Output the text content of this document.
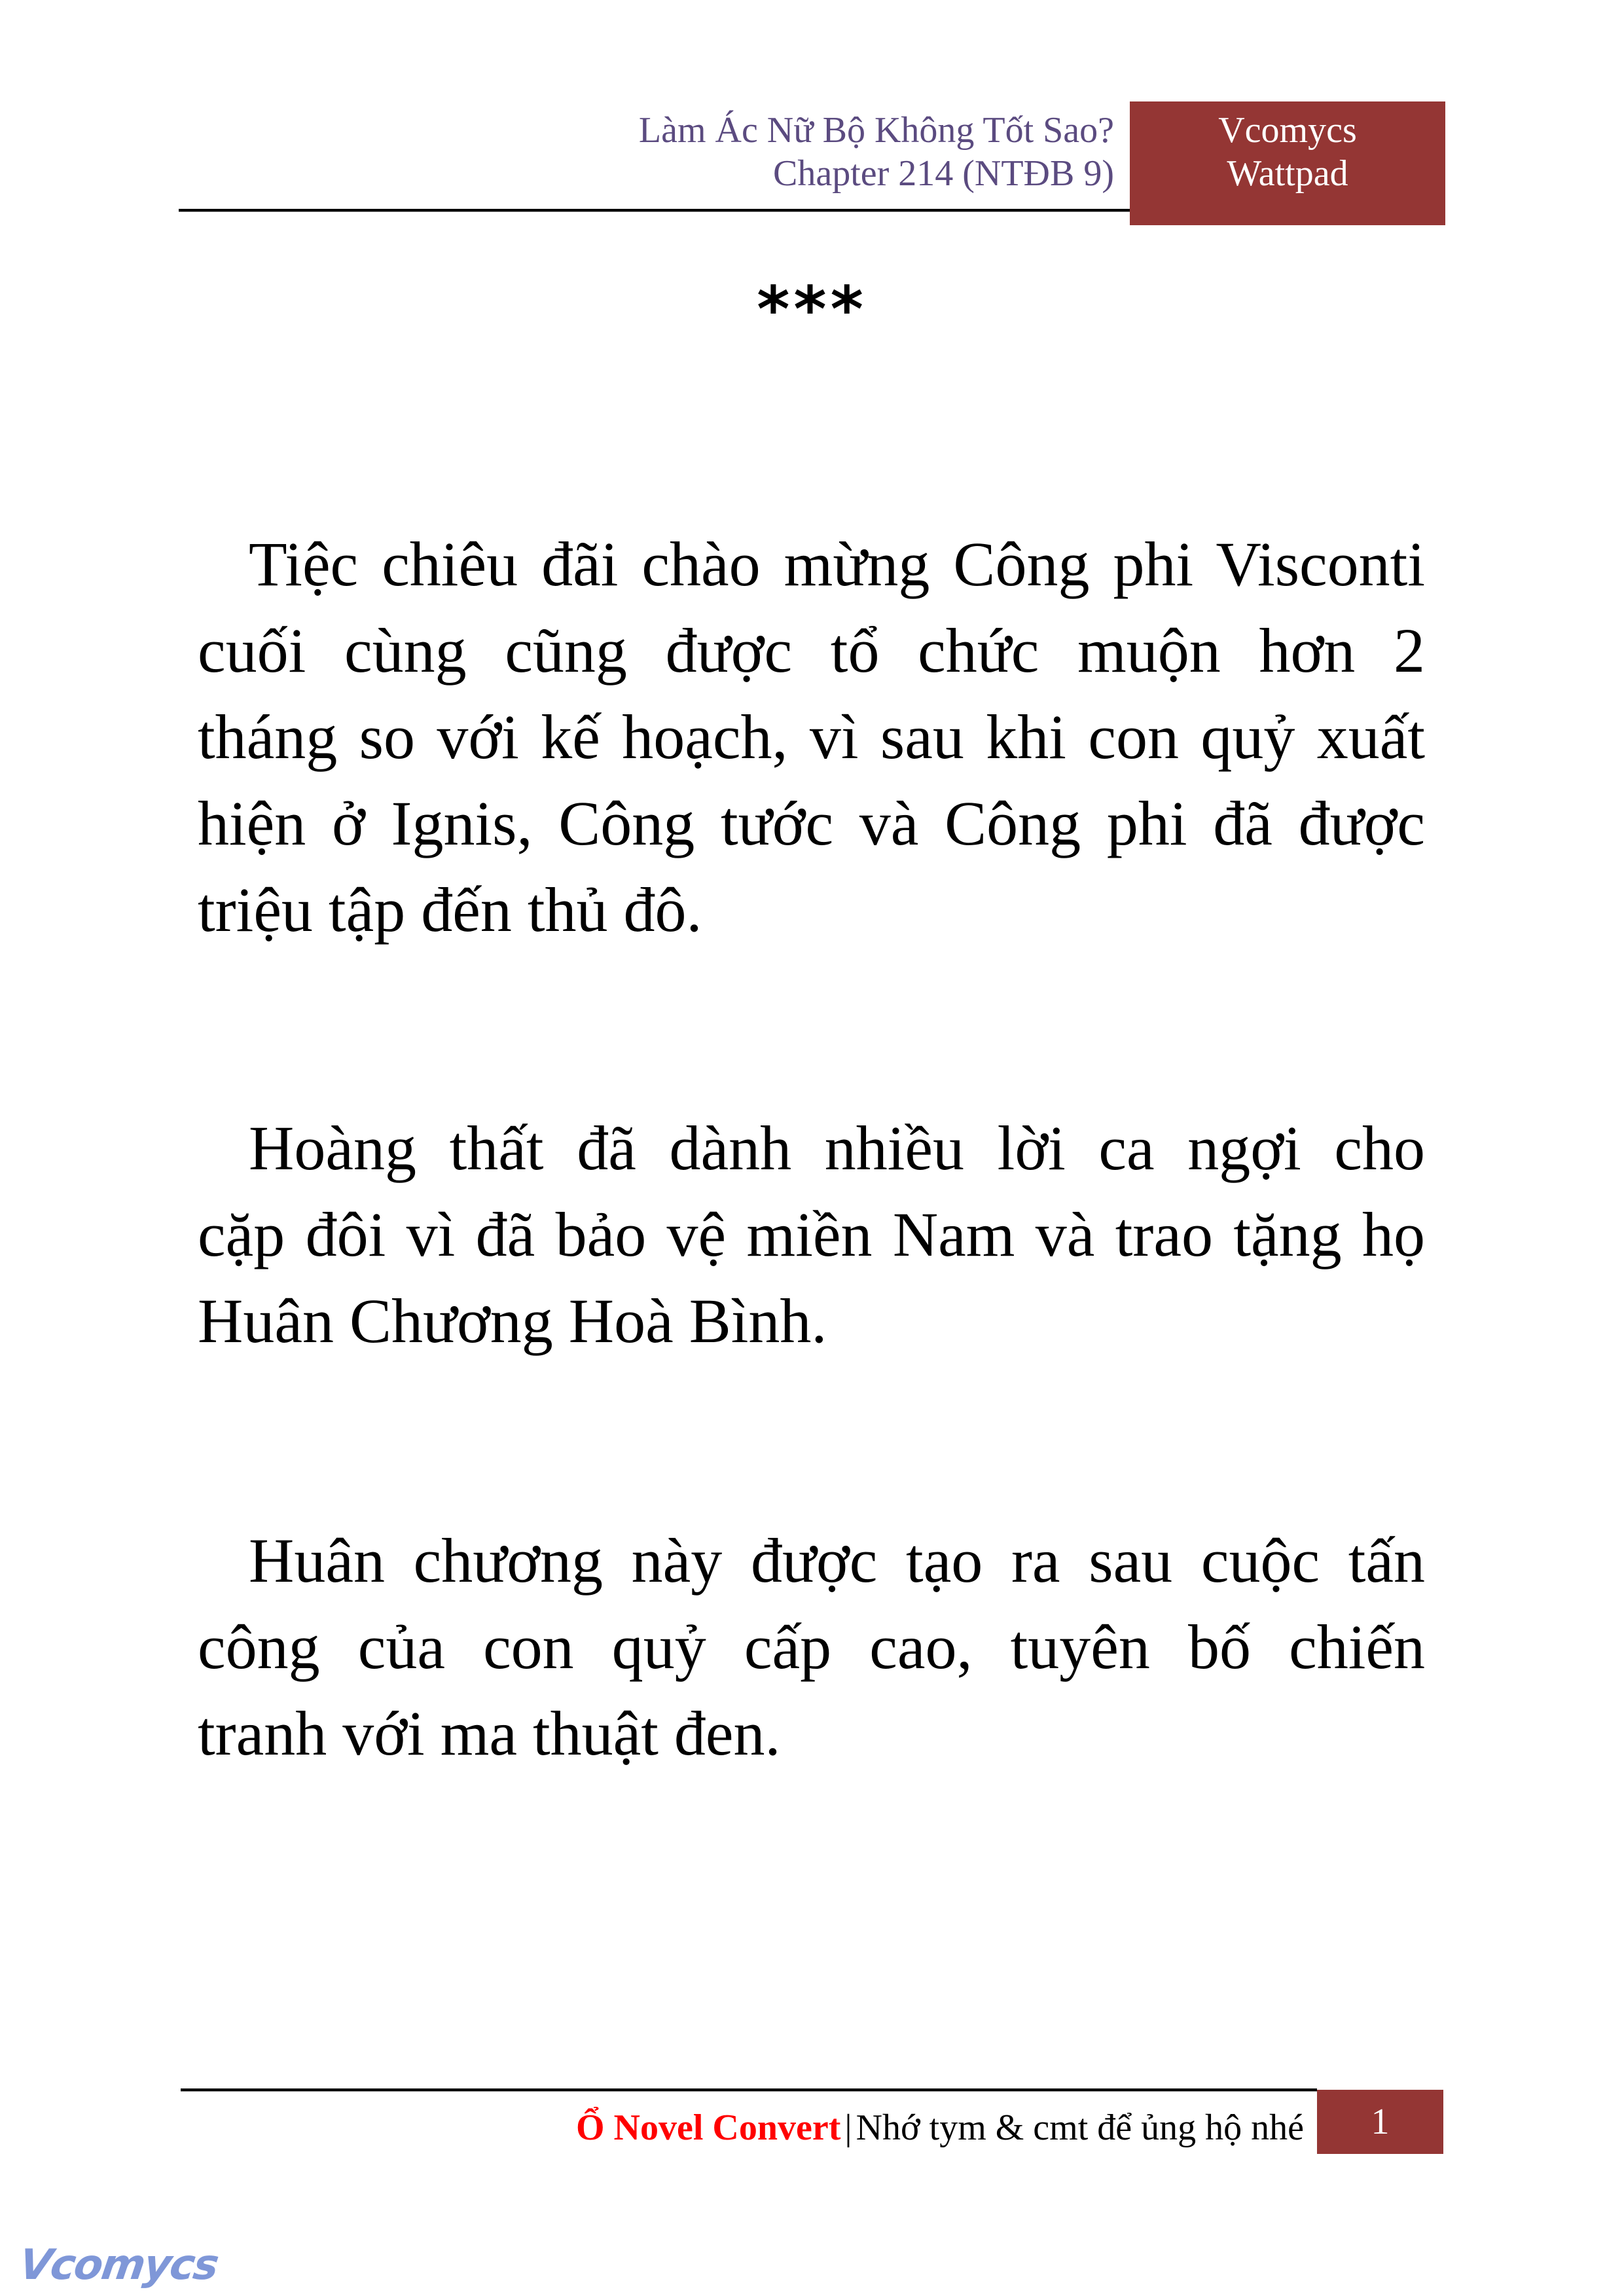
Làm Ác Nữ Bộ Không Tốt Sao?
Chapter 214 (NTĐB 9)
Vcomycs
Wattpad
***
Tiệc chiêu đãi chào mừng Công phi Visconti
cuối cùng cũng được tổ chức muộn hơn 2
tháng so với kế hoạch, vì sau khi con quỷ xuất
hiện ở Ignis, Công tước và Công phi đã được
triệu tập đến thủ đô.
Hoàng thất đã dành nhiều lời ca ngợi cho
cặp đôi vì đã bảo vệ miền Nam và trao tặng họ
Huân Chương Hoà Bình.
Huân chương này được tạo ra sau cuộc tấn
công của con quỷ cấp cao, tuyên bố chiến
tranh với ma thuật đen.
Ổ Novel Convert | Nhớ tym & cmt để ủng hộ nhé	1
Vcomycs
